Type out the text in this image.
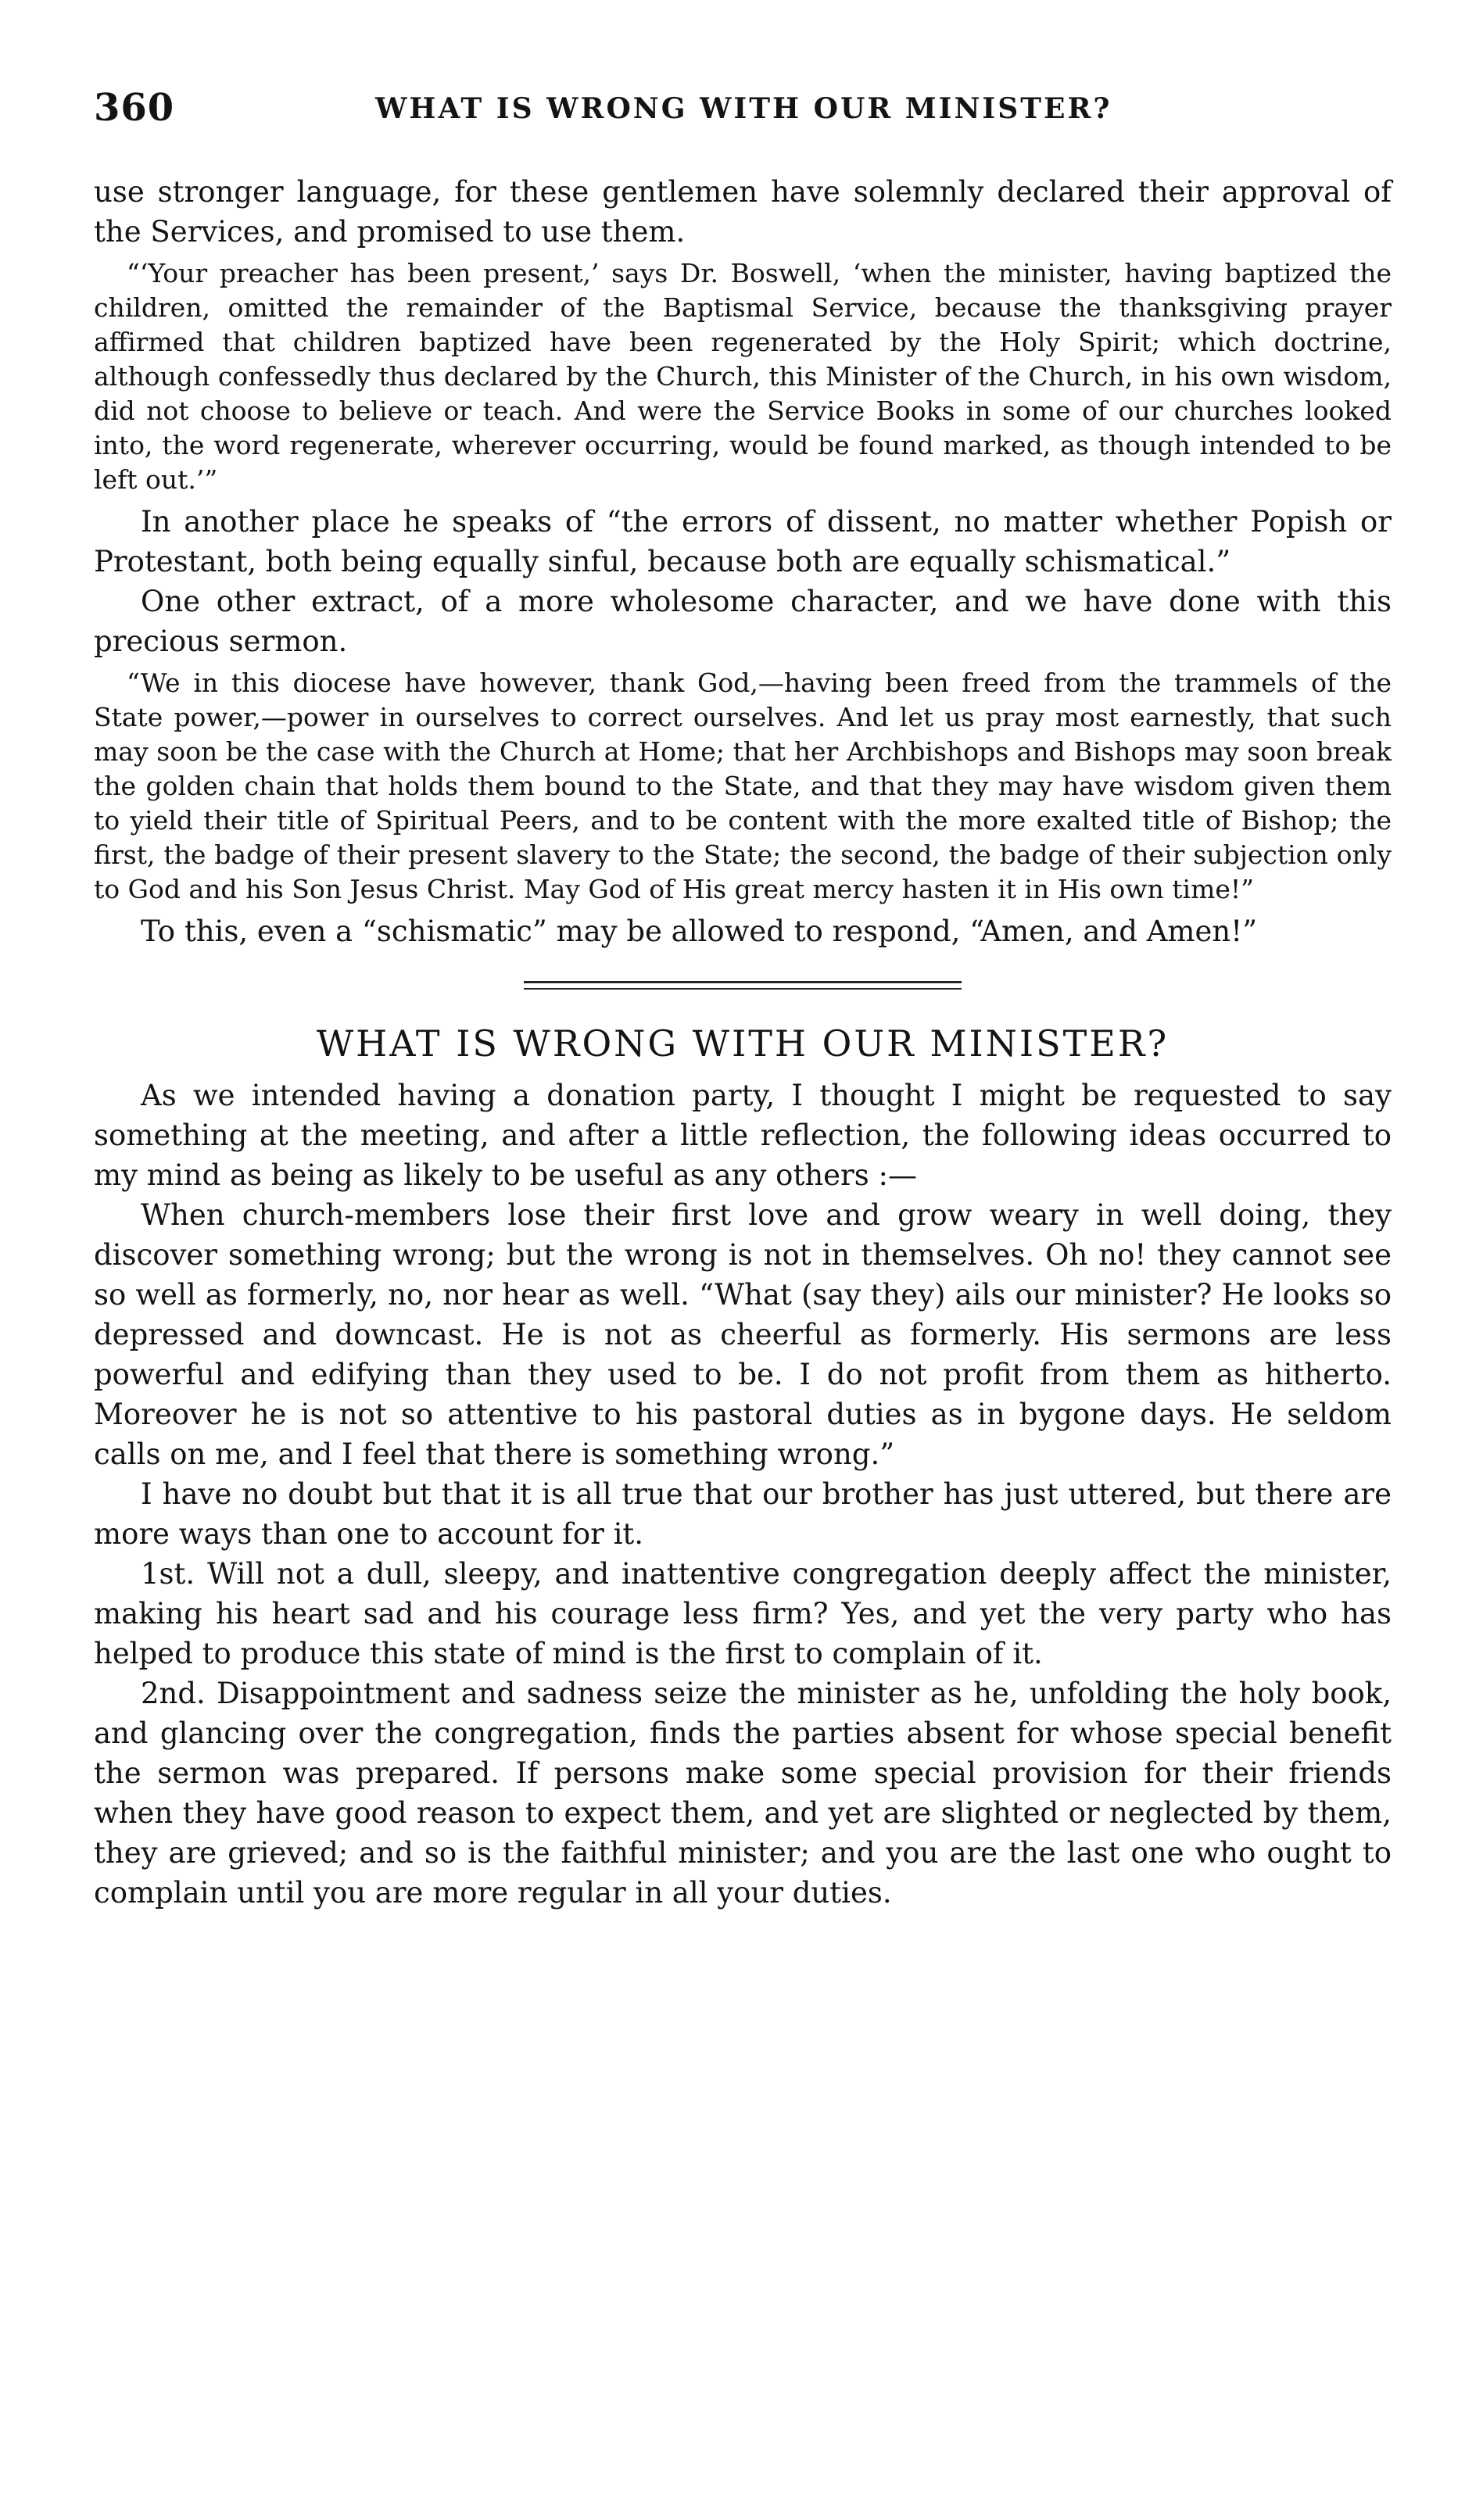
360	WHAT IS WRONG WITH OUR MINISTER?

use stronger language, for these gentlemen have solemnly declared their approval of the Services, and promised to use them.

“‘Your preacher has been present,’ says Dr. Boswell, ‘when the minister, having baptized the children, omitted the remainder of the Baptismal Service, because the thanksgiving prayer affirmed that children baptized have been regenerated by the Holy Spirit; which doctrine, although confessedly thus declared by the Church, this Minister of the Church, in his own wisdom, did not choose to believe or teach. And were the Service Books in some of our churches looked into, the word regenerate, wherever occurring, would be found marked, as though intended to be left out.’”

In another place he speaks of “the errors of dissent, no matter whether Popish or Protestant, both being equally sinful, because both are equally schismatical.”

One other extract, of a more wholesome character, and we have done with this precious sermon.

“We in this diocese have however, thank God,—having been freed from the trammels of the State power,—power in ourselves to correct ourselves. And let us pray most earnestly, that such may soon be the case with the Church at Home; that her Archbishops and Bishops may soon break the golden chain that holds them bound to the State, and that they may have wisdom given them to yield their title of Spiritual Peers, and to be content with the more exalted title of Bishop; the first, the badge of their present slavery to the State; the second, the badge of their subjection only to God and his Son Jesus Christ. May God of His great mercy hasten it in His own time!”

To this, even a “schismatic” may be allowed to respond, “Amen, and Amen!”

WHAT IS WRONG WITH OUR MINISTER?

As we intended having a donation party, I thought I might be requested to say something at the meeting, and after a little reflection, the following ideas occurred to my mind as being as likely to be useful as any others :—

When church-members lose their first love and grow weary in well doing, they discover something wrong; but the wrong is not in themselves. Oh no! they cannot see so well as formerly, no, nor hear as well. “What (say they) ails our minister? He looks so depressed and downcast. He is not as cheerful as formerly. His sermons are less powerful and edifying than they used to be. I do not profit from them as hitherto. Moreover he is not so attentive to his pastoral duties as in bygone days. He seldom calls on me, and I feel that there is something wrong.”

I have no doubt but that it is all true that our brother has just uttered, but there are more ways than one to account for it.

1st. Will not a dull, sleepy, and inattentive congregation deeply affect the minister, making his heart sad and his courage less firm? Yes, and yet the very party who has helped to produce this state of mind is the first to complain of it.

2nd. Disappointment and sadness seize the minister as he, unfolding the holy book, and glancing over the congregation, finds the parties absent for whose special benefit the sermon was prepared. If persons make some special provision for their friends when they have good reason to expect them, and yet are slighted or neglected by them, they are grieved; and so is the faithful minister; and you are the last one who ought to complain until you are more regular in all your duties.
